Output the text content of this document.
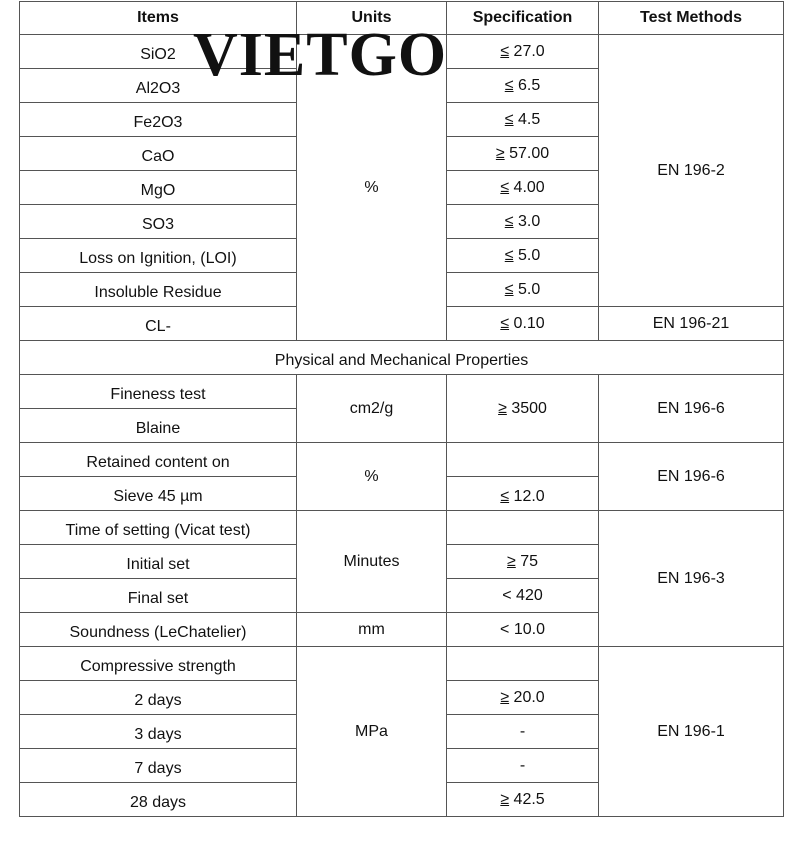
Items	Units	Specification	Test Methods
SiO2	%	≤ 27.0	EN 196-2
Al2O3		≤ 6.5	
Fe2O3		≤ 4.5	
CaO		≥ 57.00	
MgO		≤ 4.00	
SO3		≤ 3.0	
Loss on Ignition, (LOI)		≤ 5.0	
Insoluble Residue		≤ 5.0	
CL-		≤ 0.10	EN 196-21
Physical and Mechanical Properties			
Fineness test	cm2/g	≥ 3500	EN 196-6
Blaine			
Retained content on	%		EN 196-6
Sieve 45 µm		≤ 12.0	
Time of setting (Vicat test)	Minutes		EN 196-3
Initial set		≥ 75	
Final set		< 420	
Soundness (LeChatelier)	mm	< 10.0	
Compressive strength	MPa		EN 196-1
2 days		≥ 20.0	
3 days		-	
7 days		-	
28 days		≥ 42.5	
VIETGO
